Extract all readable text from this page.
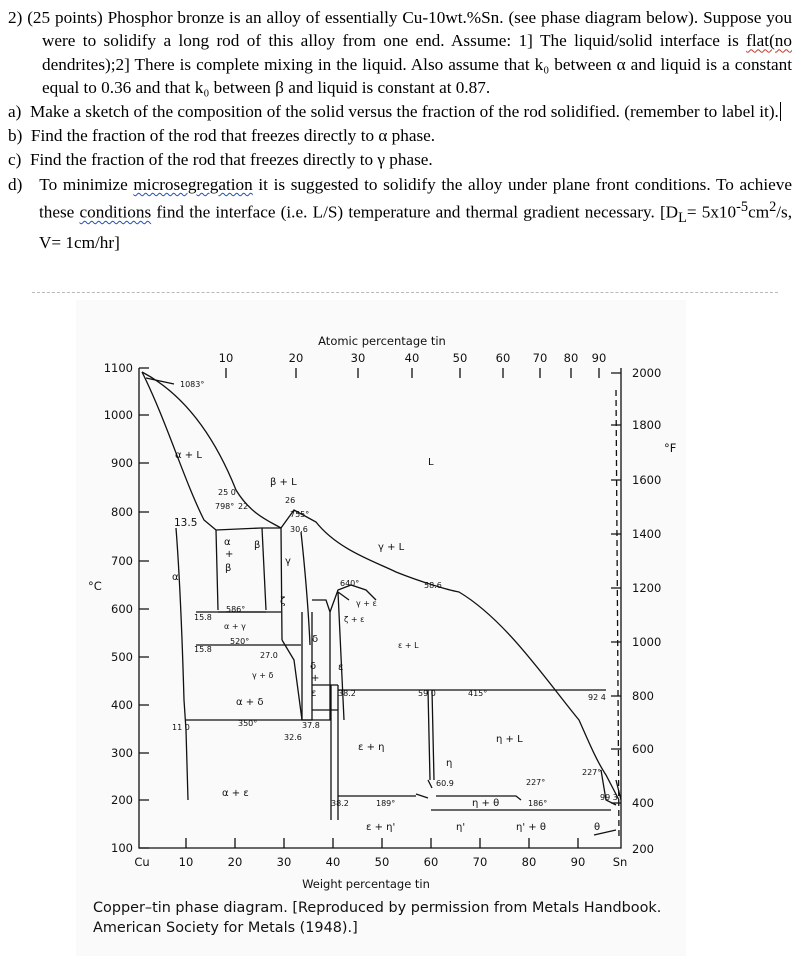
2) (25 points) Phosphor bronze is an alloy of essentially Cu-10wt.%Sn. (see phase diagram below). Suppose you were to solidify a long rod of this alloy from one end. Assume: 1] The liquid/solid interface is flat(no dendrites);2] There is complete mixing in the liquid. Also assume that k₀ between α and liquid is a constant equal to 0.36 and that k₀ between β and liquid is constant at 0.87.

a) Make a sketch of the composition of the solid versus the fraction of the rod solidified. (remember to label it).

b) Find the fraction of the rod that freezes directly to α phase.

c) Find the fraction of the rod that freezes directly to γ phase.

d) To minimize microsegregation it is suggested to solidify the alloy under plane front conditions. To achieve these conditions find the interface (i.e. L/S) temperature and thermal gradient necessary. [$D_L= 5x10^{-5}cm^2/s$, V= 1cm/hr]

Atomic percentage tin
Weight percentage tin
°C
°F
10	20	30	40	50 60 70 80 90
Cu	10	20	30	40	50	60	70	80	90 Sn
1100
1000
900
800
700
600
500
400
300
200
100
2000
1800
1600
1400
1200
1000
800
600
400
200
1083°
α + L
L
β + L
25 0
798° 22
26
755°
30.6
13.5
α
+
β
β
γ
γ + L
640°	58.6
α
γ + ε
ζ + ε
15.8
586°
α + γ
15.8
520°
27.0
ζ
δ
δ
+
ε
ε
γ + δ
ε + L
38.2	59 0	415°	92 4
11 0
α + δ
350°	37.8
32.6
ε + η
η + L
η
60.9	227°
227°
186°
99 3
α + ε
38.2	189°	η + θ
ε + η'	η'	η' + θ	θ

Copper–tin phase diagram. [Reproduced by permission from Metals Handbook.

American Society for Metals (1948).]
